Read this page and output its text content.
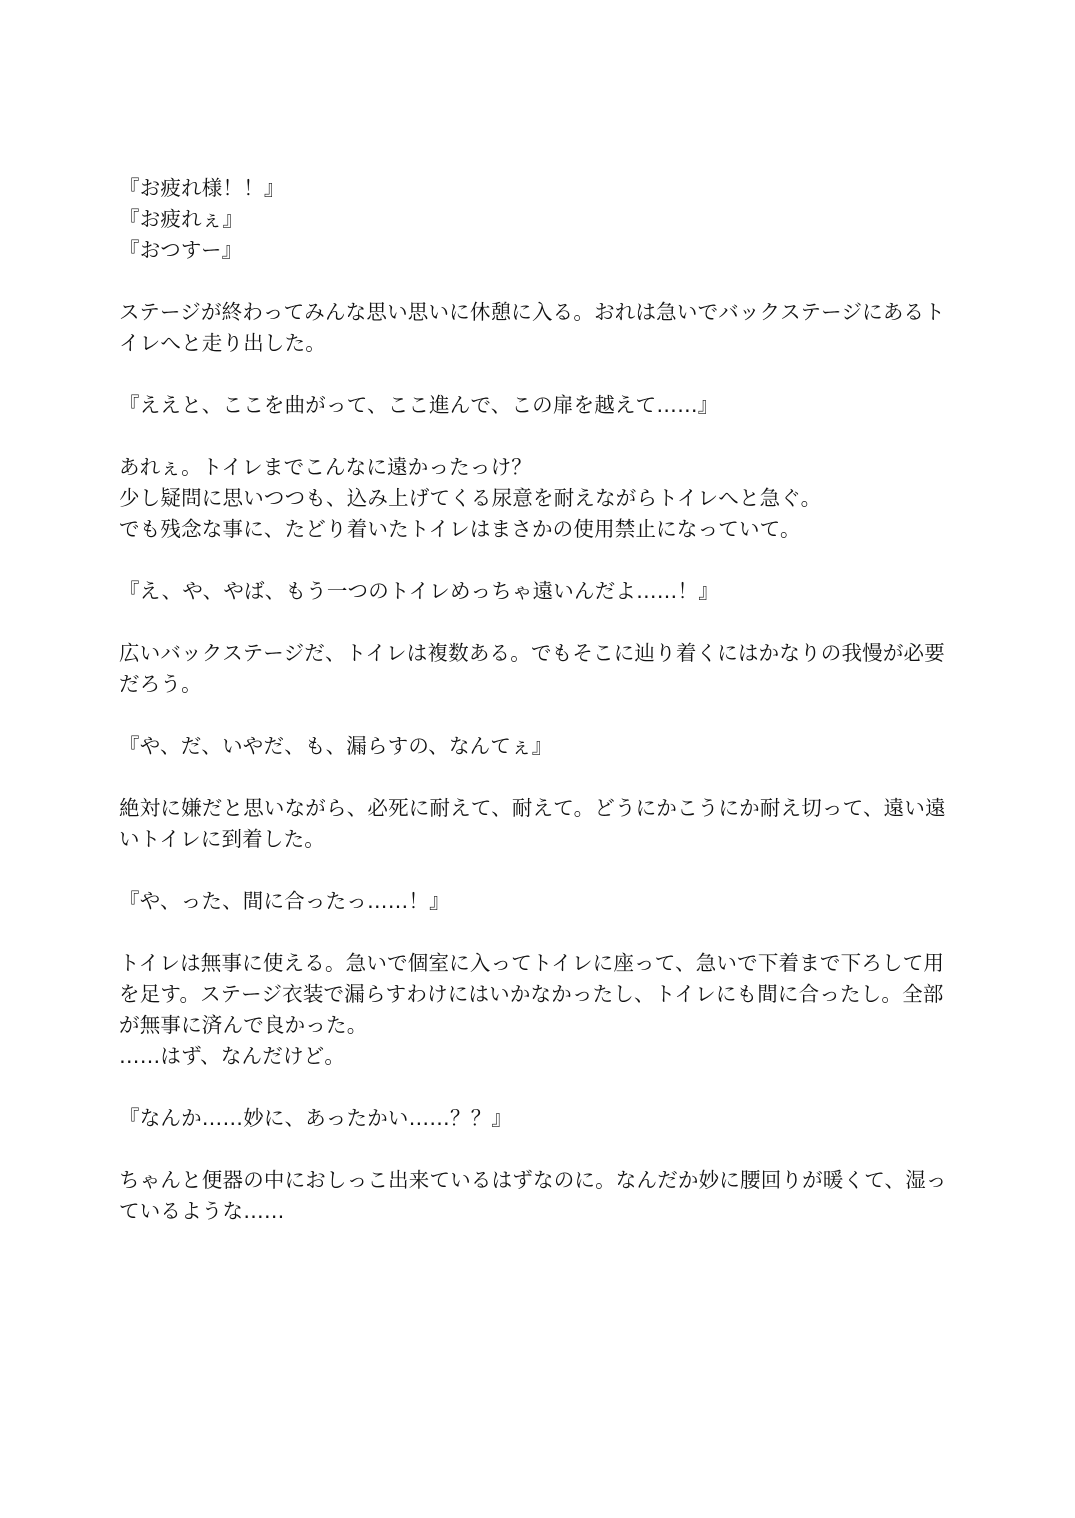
『お疲れ様！！』
『お疲れぇ』
『おつすー』
ステージが終わってみんな思い思いに休憩に入る。おれは急いでバックステージにあるト
イレへと走り出した。
『ええと、ここを曲がって、ここ進んで、この扉を越えて……』
あれぇ。トイレまでこんなに遠かったっけ？
少し疑問に思いつつも、込み上げてくる尿意を耐えながらトイレへと急ぐ。
でも残念な事に、たどり着いたトイレはまさかの使用禁止になっていて。
『え、や、やば、もう一つのトイレめっちゃ遠いんだよ……！』
広いバックステージだ、トイレは複数ある。でもそこに辿り着くにはかなりの我慢が必要
だろう。
『や、だ、いやだ、も、漏らすの、なんてぇ』
絶対に嫌だと思いながら、必死に耐えて、耐えて。どうにかこうにか耐え切って、遠い遠
いトイレに到着した。
『や、った、間に合ったっ……！』
トイレは無事に使える。急いで個室に入ってトイレに座って、急いで下着まで下ろして用
を足す。ステージ衣装で漏らすわけにはいかなかったし、トイレにも間に合ったし。全部
が無事に済んで良かった。
……はず、なんだけど。
『なんか……妙に、あったかい……？？』
ちゃんと便器の中におしっこ出来ているはずなのに。なんだか妙に腰回りが暖くて、湿っ
ているような……
